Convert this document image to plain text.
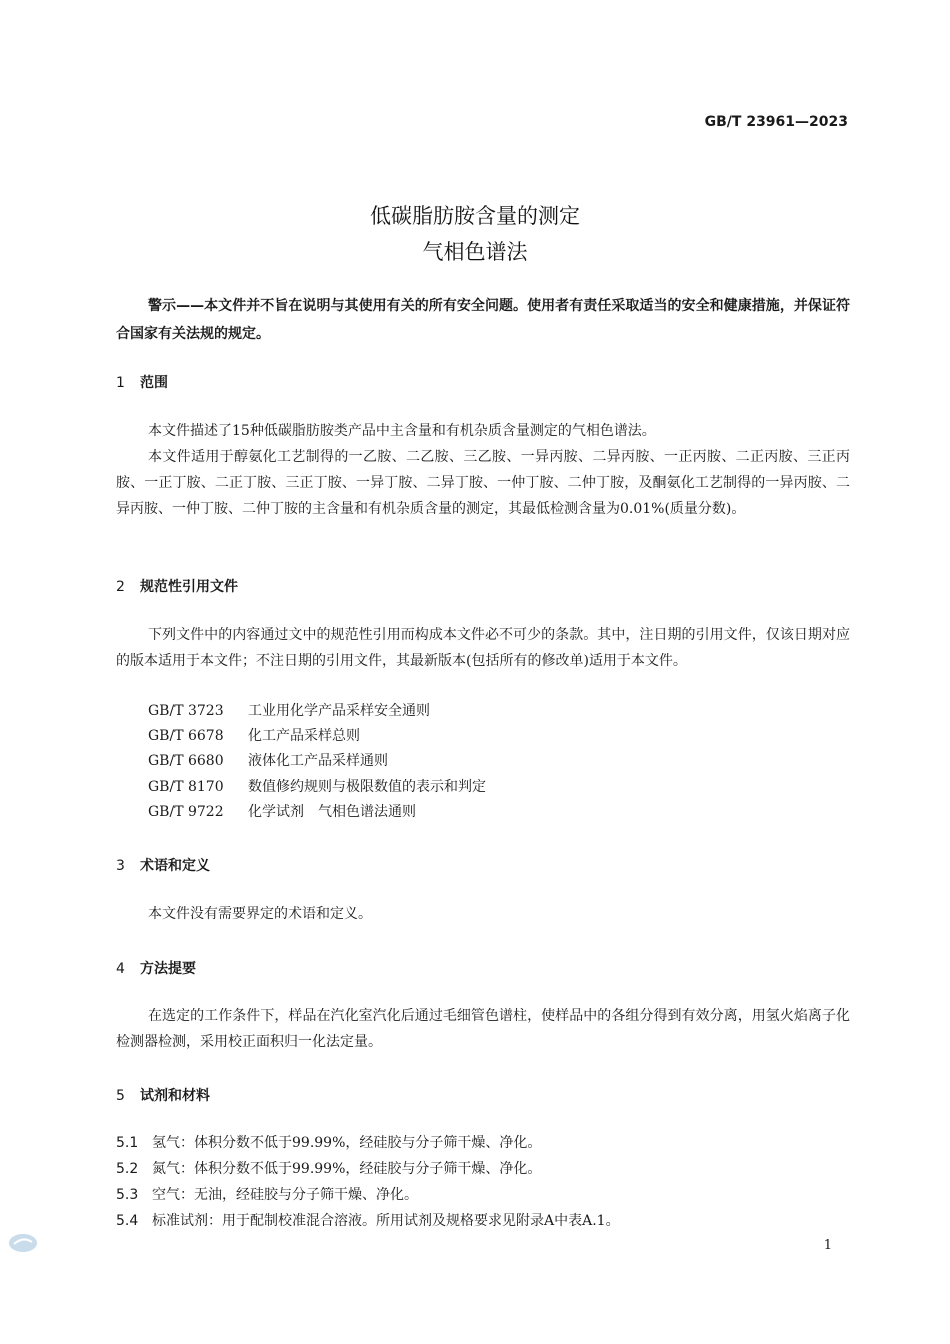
GB/T 23961—2023
低碳脂肪胺含量的测定
气相色谱法
警示——本文件并不旨在说明与其使用有关的所有安全问题。使用者有责任采取适当的安全和健康措施，并保证符合国家有关法规的规定。
1 范围

本文件描述了15种低碳脂肪胺类产品中主含量和有机杂质含量测定的气相色谱法。

本文件适用于醇氨化工艺制得的一乙胺、二乙胺、三乙胺、一异丙胺、二异丙胺、一正丙胺、二正丙胺、三正丙胺、一正丁胺、二正丁胺、三正丁胺、一异丁胺、二异丁胺、一仲丁胺、二仲丁胺，及酮氨化工艺制得的一异丙胺、二异丙胺、一仲丁胺、二仲丁胺的主含量和有机杂质含量的测定，其最低检测含量为0.01%(质量分数)。

2 规范性引用文件

下列文件中的内容通过文中的规范性引用而构成本文件必不可少的条款。其中，注日期的引用文件，仅该日期对应的版本适用于本文件；不注日期的引用文件，其最新版本(包括所有的修改单)适用于本文件。

GB/T 3723 工业用化学产品采样安全通则
GB/T 6678 化工产品采样总则
GB/T 6680 液体化工产品采样通则
GB/T 8170 数值修约规则与极限数值的表示和判定
GB/T 9722 化学试剂　气相色谱法通则
3 术语和定义

本文件没有需要界定的术语和定义。

4 方法提要

在选定的工作条件下，样品在汽化室汽化后通过毛细管色谱柱，使样品中的各组分得到有效分离，用氢火焰离子化检测器检测，采用校正面积归一化法定量。

5 试剂和材料
5.1 氢气：体积分数不低于99.99%，经硅胶与分子筛干燥、净化。
5.2 氮气：体积分数不低于99.99%，经硅胶与分子筛干燥、净化。
5.3 空气：无油，经硅胶与分子筛干燥、净化。
5.4 标准试剂：用于配制校准混合溶液。所用试剂及规格要求见附录A中表A.1。
1
